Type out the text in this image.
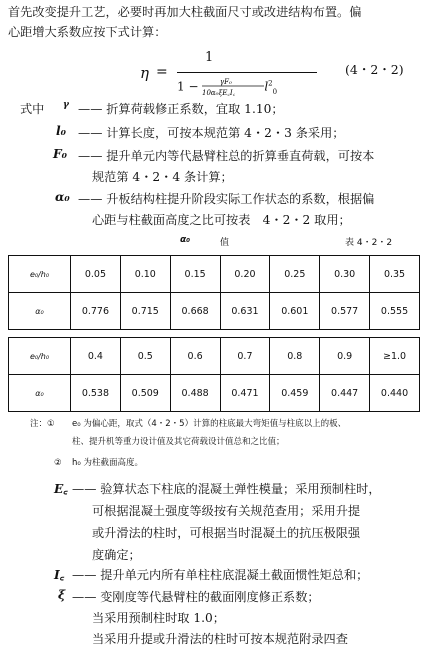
首先改变提升工艺，必要时再加大柱截面尺寸或改进结构布置。偏
心距增大系数应按下式计算：
η =
1
1 −	γF₀
10α₀ξE꜀I꜀ $l^2_0$
(4・2・2)
式中 γ —— 折算荷载修正系数，宜取 1.10；
l₀ —— 计算长度，可按本规范第 4・2・3 条采用；
F₀ —— 提升单元内等代悬臂柱总的折算垂直荷载，可按本
规范第 4・2・4 条计算；
α₀ —— 升板结构柱提升阶段实际工作状态的系数，根据偏
心距与柱截面高度之比可按表　4・2・2 取用；
α₀	值	表 4・2・2
e₀/h₀	0.05	0.10	0.15	0.20	0.25	0.30	0.35
α₀	0.776	0.715	0.668	0.631	0.601	0.577	0.555
e₀/h₀	0.4	0.5	0.6	0.7	0.8	0.9	≥1.0
α₀	0.538	0.509	0.488	0.471	0.459	0.447	0.440
注：① e₀ 为偏心距，取式（4・2・5）计算的柱底最大弯矩值与柱底以上的板、
柱、提升机等重力设计值及其它荷载设计值总和之比值；
② h₀ 为柱截面高度。
E꜀ —— 验算状态下柱底的混凝土弹性模量；采用预制柱时，
可根据混凝土强度等级按有关规范查用；采用升提
或升滑法的柱时，可根据当时混凝土的抗压极限强
度确定；
I꜀ —— 提升单元内所有单柱柱底混凝土截面惯性矩总和；
ξ —— 变刚度等代悬臂柱的截面刚度修正系数；
当采用预制柱时取 1.0；
当采用升提或升滑法的柱时可按本规范附录四查
